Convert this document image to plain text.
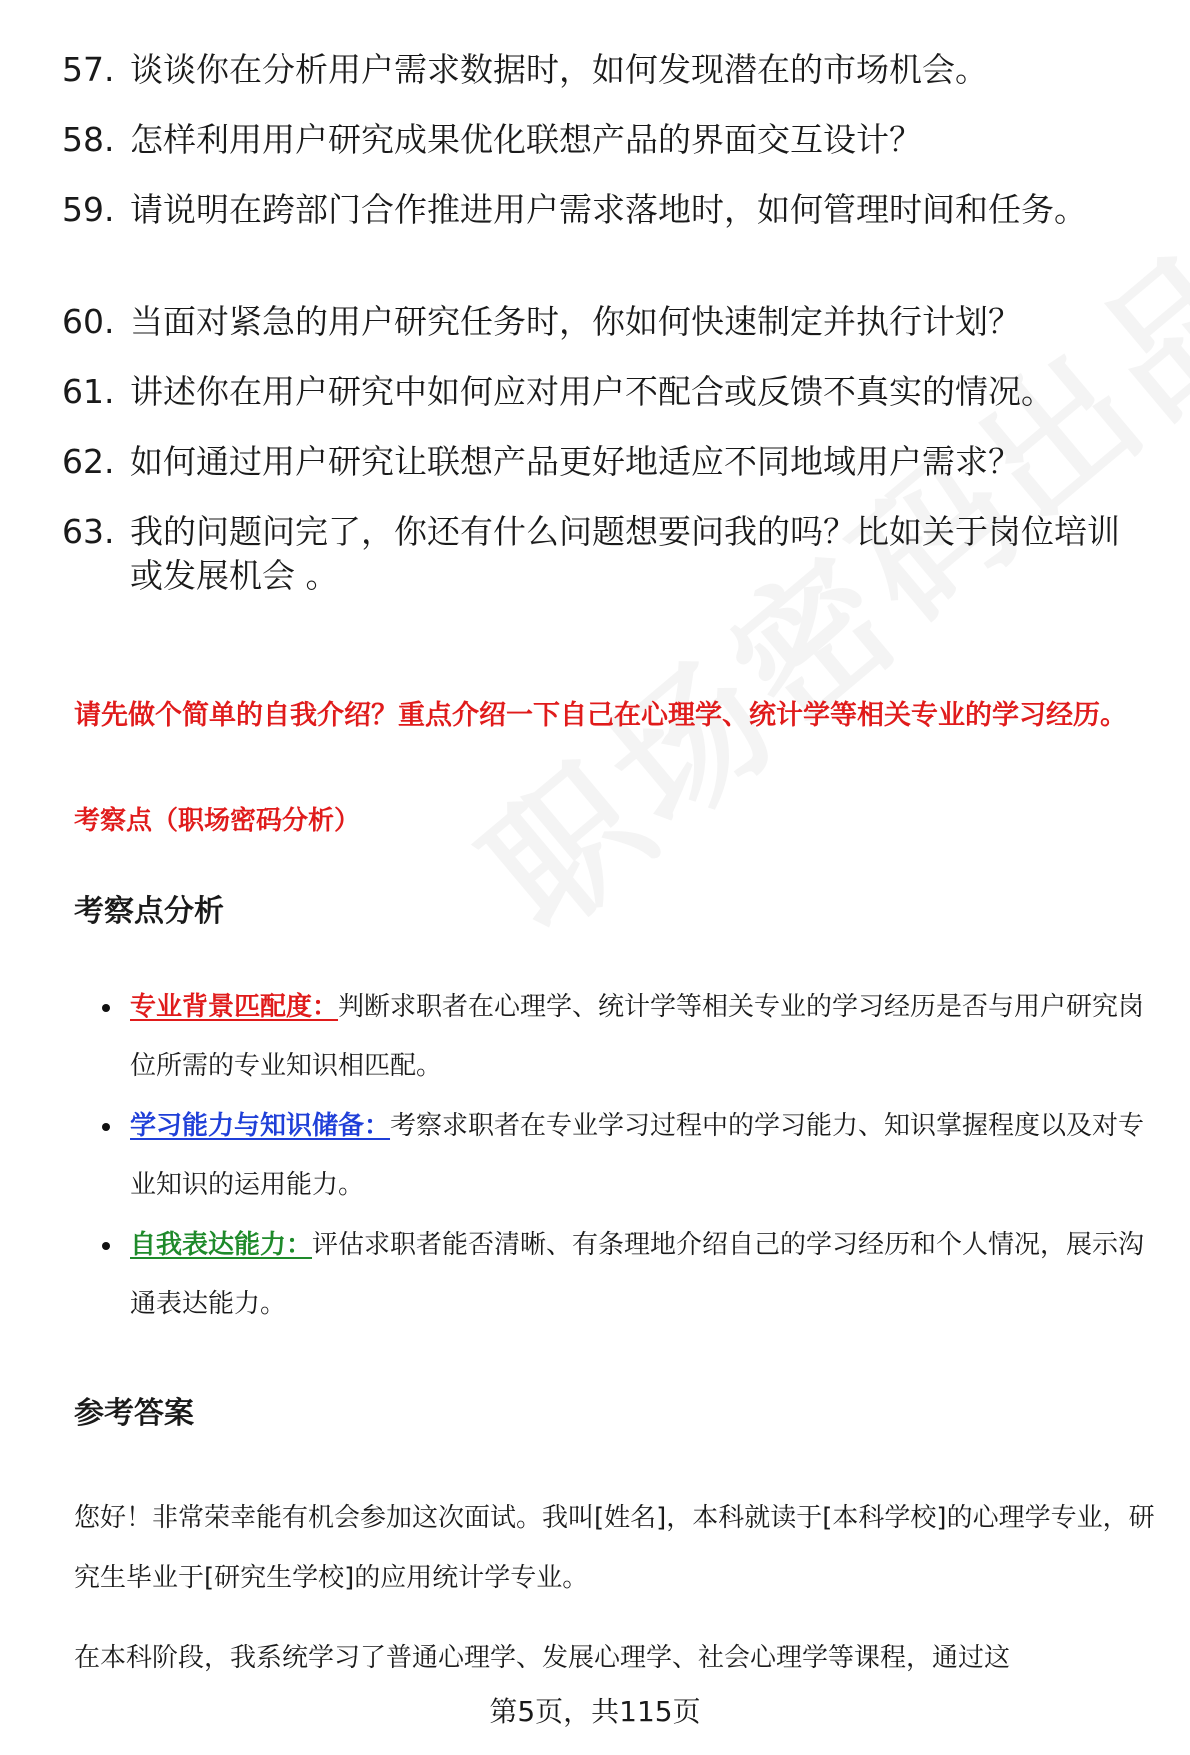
57. 谈谈你在分析用户需求数据时，如何发现潜在的市场机会。
58. 怎样利用用户研究成果优化联想产品的界面交互设计？
59. 请说明在跨部门合作推进用户需求落地时，如何管理时间和任务。
60. 当面对紧急的用户研究任务时，你如何快速制定并执行计划？
61. 讲述你在用户研究中如何应对用户不配合或反馈不真实的情况。
62. 如何通过用户研究让联想产品更好地适应不同地域用户需求？
63. 我的问题问完了，你还有什么问题想要问我的吗？比如关于岗位培训或发展机会 。
请先做个简单的自我介绍？重点介绍一下自己在心理学、统计学等相关专业的学习经历。
考察点（职场密码分析）
考察点分析
专业背景匹配度：判断求职者在心理学、统计学等相关专业的学习经历是否与用户研究岗位所需的专业知识相匹配。
学习能力与知识储备：考察求职者在专业学习过程中的学习能力、知识掌握程度以及对专业知识的运用能力。
自我表达能力：评估求职者能否清晰、有条理地介绍自己的学习经历和个人情况，展示沟通表达能力。
参考答案
您好！非常荣幸能有机会参加这次面试。我叫[姓名]，本科就读于[本科学校]的心理学专业，研究生毕业于[研究生学校]的应用统计学专业。
在本科阶段，我系统学习了普通心理学、发展心理学、社会心理学等课程，通过这
第5页，共115页
